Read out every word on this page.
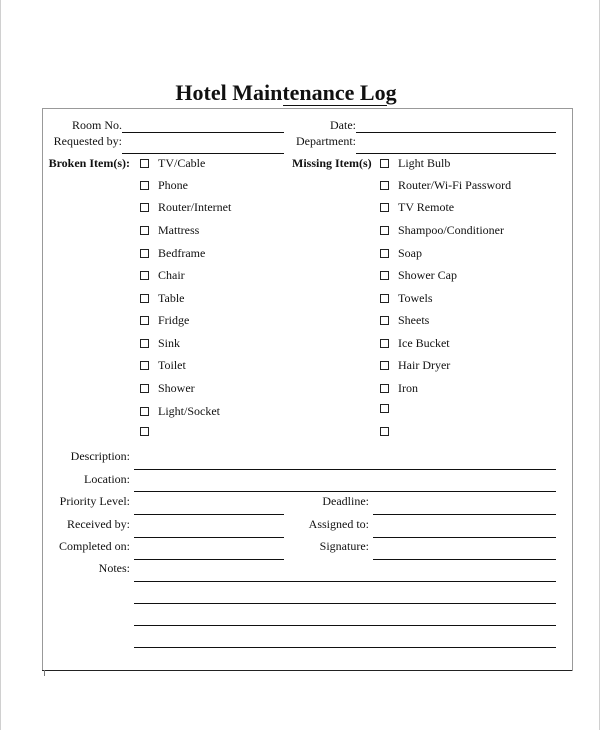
Hotel Maintenance Log
Room No.
Requested by:
Date:
Department:
Broken Item(s): TV/Cable
Phone
Router/Internet
Mattress
Bedframe
Chair
Table
Fridge
Sink
Toilet
Shower
Light/Socket
Missing Item(s) Light Bulb
Router/Wi-Fi Password
TV Remote
Shampoo/Conditioner
Soap
Shower Cap
Towels
Sheets
Ice Bucket
Hair Dryer
Iron
Description:
Location:
Priority Level:
Received by:
Completed on:
Deadline:
Assigned to:
Signature:
Notes:
